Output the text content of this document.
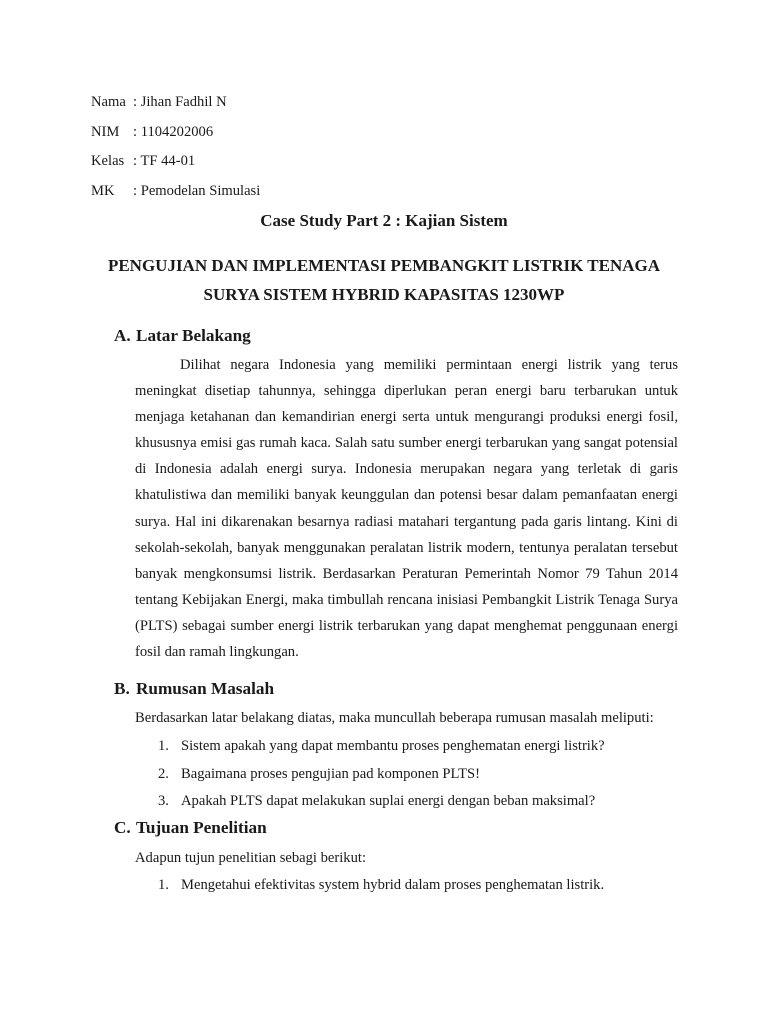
Nama : Jihan Fadhil N
NIM : 1104202006
Kelas : TF 44-01
MK	: Pemodelan Simulasi
Case Study Part 2 : Kajian Sistem
PENGUJIAN DAN IMPLEMENTASI PEMBANGKIT LISTRIK TENAGA SURYA SISTEM HYBRID KAPASITAS 1230WP
A. Latar Belakang

Dilihat negara Indonesia yang memiliki permintaan energi listrik yang terus meningkat disetiap tahunnya, sehingga diperlukan peran energi baru terbarukan untuk menjaga ketahanan dan kemandirian energi serta untuk mengurangi produksi energi fosil, khususnya emisi gas rumah kaca. Salah satu sumber energi terbarukan yang sangat potensial di Indonesia adalah energi surya. Indonesia merupakan negara yang terletak di garis khatulistiwa dan memiliki banyak keunggulan dan potensi besar dalam pemanfaatan energi surya. Hal ini dikarenakan besarnya radiasi matahari tergantung pada garis lintang. Kini di sekolah-sekolah, banyak menggunakan peralatan listrik modern, tentunya peralatan tersebut banyak mengkonsumsi listrik. Berdasarkan Peraturan Pemerintah Nomor 79 Tahun 2014 tentang Kebijakan Energi, maka timbullah rencana inisiasi Pembangkit Listrik Tenaga Surya (PLTS) sebagai sumber energi listrik terbarukan yang dapat menghemat penggunaan energi fosil dan ramah lingkungan.

B. Rumusan Masalah
Berdasarkan latar belakang diatas, maka muncullah beberapa rumusan masalah meliputi:
1. Sistem apakah yang dapat membantu proses penghematan energi listrik?
2. Bagaimana proses pengujian pad komponen PLTS!
3. Apakah PLTS dapat melakukan suplai energi dengan beban maksimal?
C. Tujuan Penelitian
Adapun tujun penelitian sebagi berikut:
1. Mengetahui efektivitas system hybrid dalam proses penghematan listrik.
